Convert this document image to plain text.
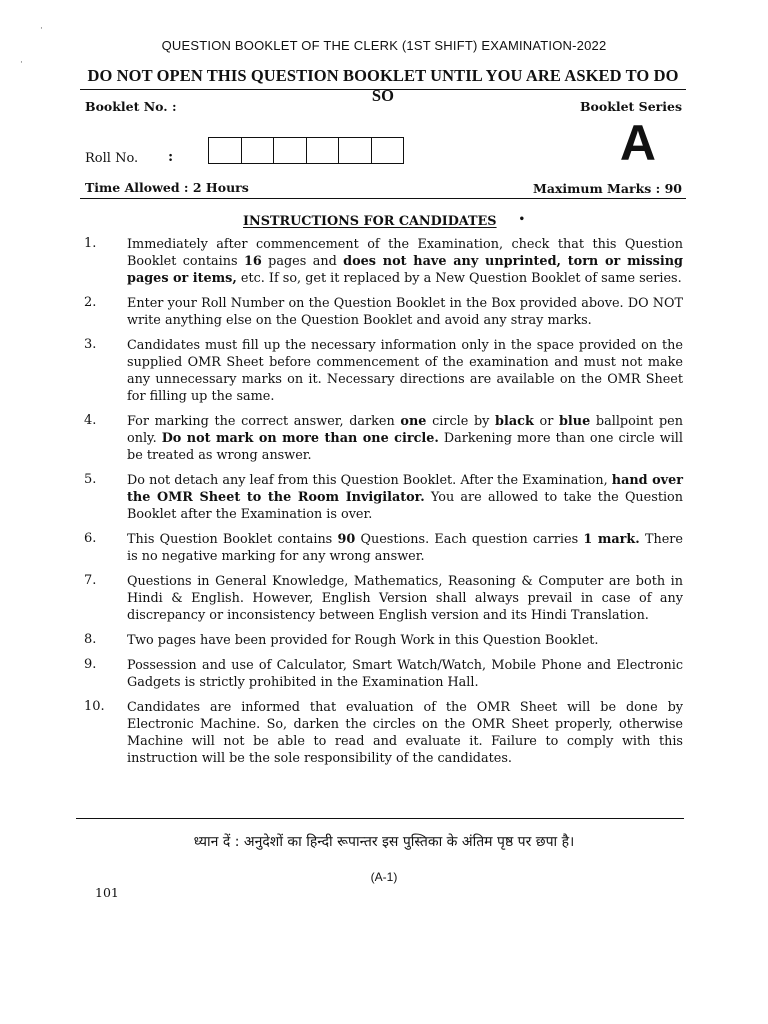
·
·
QUESTION BOOKLET OF THE CLERK (1ST SHIFT) EXAMINATION-2022
DO NOT OPEN THIS QUESTION BOOKLET UNTIL YOU ARE ASKED TO DO SO
Booklet No. :	Booklet Series
A
Roll No. :
Time Allowed : 2 Hours	Maximum Marks : 90
INSTRUCTIONS FOR CANDIDATES •
1. Immediately after commencement of the Examination, check that this Question Booklet contains 16 pages and does not have any unprinted, torn or missing pages or items, etc. If so, get it replaced by a New Question Booklet of same series.
2. Enter your Roll Number on the Question Booklet in the Box provided above. DO NOT write anything else on the Question Booklet and avoid any stray marks.
3. Candidates must fill up the necessary information only in the space provided on the supplied OMR Sheet before commencement of the examination and must not make any unnecessary marks on it. Necessary directions are available on the OMR Sheet for filling up the same.
4. For marking the correct answer, darken one circle by black or blue ballpoint pen only. Do not mark on more than one circle. Darkening more than one circle will be treated as wrong answer.
5. Do not detach any leaf from this Question Booklet. After the Examination, hand over the OMR Sheet to the Room Invigilator. You are allowed to take the Question Booklet after the Examination is over.
6. This Question Booklet contains 90 Questions. Each question carries 1 mark. There is no negative marking for any wrong answer.
7. Questions in General Knowledge, Mathematics, Reasoning & Computer are both in Hindi & English. However, English Version shall always prevail in case of any discrepancy or inconsistency between English version and its Hindi Translation.
8. Two pages have been provided for Rough Work in this Question Booklet.
9. Possession and use of Calculator, Smart Watch/Watch, Mobile Phone and Electronic Gadgets is strictly prohibited in the Examination Hall.
10. Candidates are informed that evaluation of the OMR Sheet will be done by Electronic Machine. So, darken the circles on the OMR Sheet properly, otherwise Machine will not be able to read and evaluate it. Failure to comply with this instruction will be the sole responsibility of the candidates.
ध्यान दें : अनुदेशों का हिन्दी रूपान्तर इस पुस्तिका के अंतिम पृष्ठ पर छपा है।
(A-1)
101
